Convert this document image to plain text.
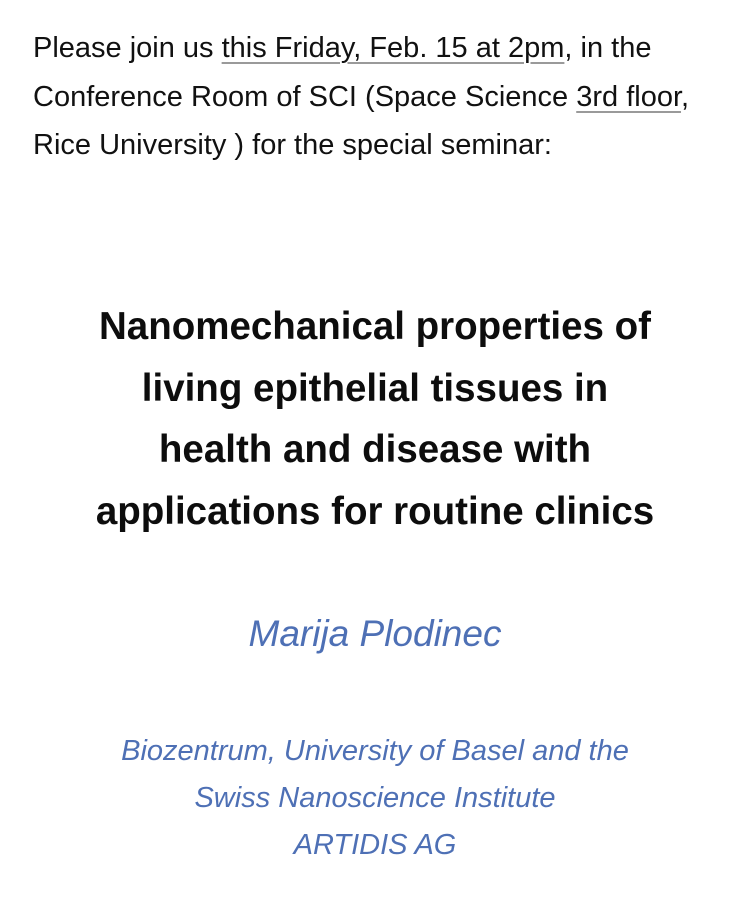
Please join us this Friday, Feb. 15 at 2pm, in the Conference Room of SCI (Space Science 3rd floor, Rice University ) for the special seminar:

Nanomechanical properties of
living epithelial tissues in
health and disease with
applications for routine clinics

Marija Plodinec

Biozentrum, University of Basel and the
Swiss Nanoscience Institute
ARTIDIS AG
